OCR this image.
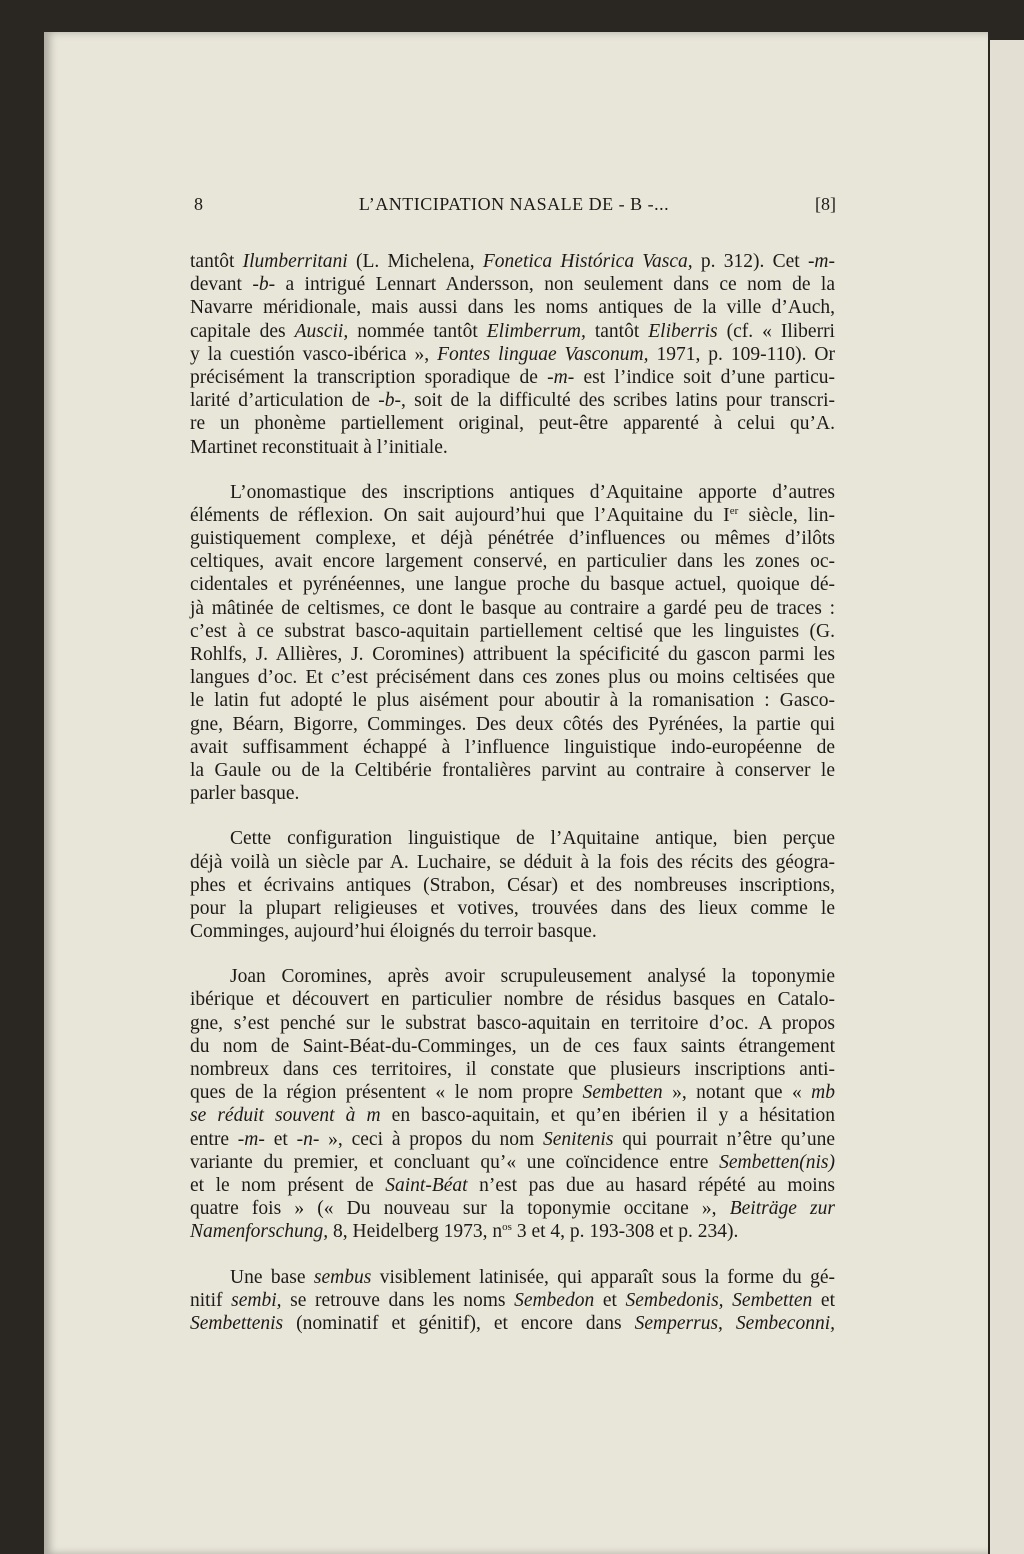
8	L’ANTICIPATION NASALE DE - B -...	[8]
tantôt Ilumberritani (L. Michelena, Fonetica Histórica Vasca, p. 312). Cet -m-
devant -b- a intrigué Lennart Andersson, non seulement dans ce nom de la
Navarre méridionale, mais aussi dans les noms antiques de la ville d’Auch,
capitale des Auscii, nommée tantôt Elimberrum, tantôt Eliberris (cf. « Iliberri
y la cuestión vasco-ibérica », Fontes linguae Vasconum, 1971, p. 109-110). Or
précisément la transcription sporadique de -m- est l’indice soit d’une particu-
larité d’articulation de -b-, soit de la difficulté des scribes latins pour transcri-
re un phonème partiellement original, peut-être apparenté à celui qu’A.
Martinet reconstituait à l’initiale.
L’onomastique des inscriptions antiques d’Aquitaine apporte d’autres
éléments de réflexion. On sait aujourd’hui que l’Aquitaine du Ier siècle, lin-
guistiquement complexe, et déjà pénétrée d’influences ou mêmes d’ilôts
celtiques, avait encore largement conservé, en particulier dans les zones oc-
cidentales et pyrénéennes, une langue proche du basque actuel, quoique dé-
jà mâtinée de celtismes, ce dont le basque au contraire a gardé peu de traces :
c’est à ce substrat basco-aquitain partiellement celtisé que les linguistes (G.
Rohlfs, J. Allières, J. Coromines) attribuent la spécificité du gascon parmi les
langues d’oc. Et c’est précisément dans ces zones plus ou moins celtisées que
le latin fut adopté le plus aisément pour aboutir à la romanisation : Gasco-
gne, Béarn, Bigorre, Comminges. Des deux côtés des Pyrénées, la partie qui
avait suffisamment échappé à l’influence linguistique indo-européenne de
la Gaule ou de la Celtibérie frontalières parvint au contraire à conserver le
parler basque.
Cette configuration linguistique de l’Aquitaine antique, bien perçue
déjà voilà un siècle par A. Luchaire, se déduit à la fois des récits des géogra-
phes et écrivains antiques (Strabon, César) et des nombreuses inscriptions,
pour la plupart religieuses et votives, trouvées dans des lieux comme le
Comminges, aujourd’hui éloignés du terroir basque.
Joan Coromines, après avoir scrupuleusement analysé la toponymie
ibérique et découvert en particulier nombre de résidus basques en Catalo-
gne, s’est penché sur le substrat basco-aquitain en territoire d’oc. A propos
du nom de Saint-Béat-du-Comminges, un de ces faux saints étrangement
nombreux dans ces territoires, il constate que plusieurs inscriptions anti-
ques de la région présentent « le nom propre Sembetten », notant que « mb
se réduit souvent à m en basco-aquitain, et qu’en ibérien il y a hésitation
entre -m- et -n- », ceci à propos du nom Senitenis qui pourrait n’être qu’une
variante du premier, et concluant qu’« une coïncidence entre Sembetten(nis)
et le nom présent de Saint-Béat n’est pas due au hasard répété au moins
quatre fois » (« Du nouveau sur la toponymie occitane », Beiträge zur
Namenforschung, 8, Heidelberg 1973, $n^{os}$ 3 et 4, p. 193-308 et p. 234).
Une base sembus visiblement latinisée, qui apparaît sous la forme du gé-
nitif sembi, se retrouve dans les noms Sembedon et Sembedonis, Sembetten et
Sembettenis (nominatif et génitif), et encore dans Semperrus, Sembeconni,
